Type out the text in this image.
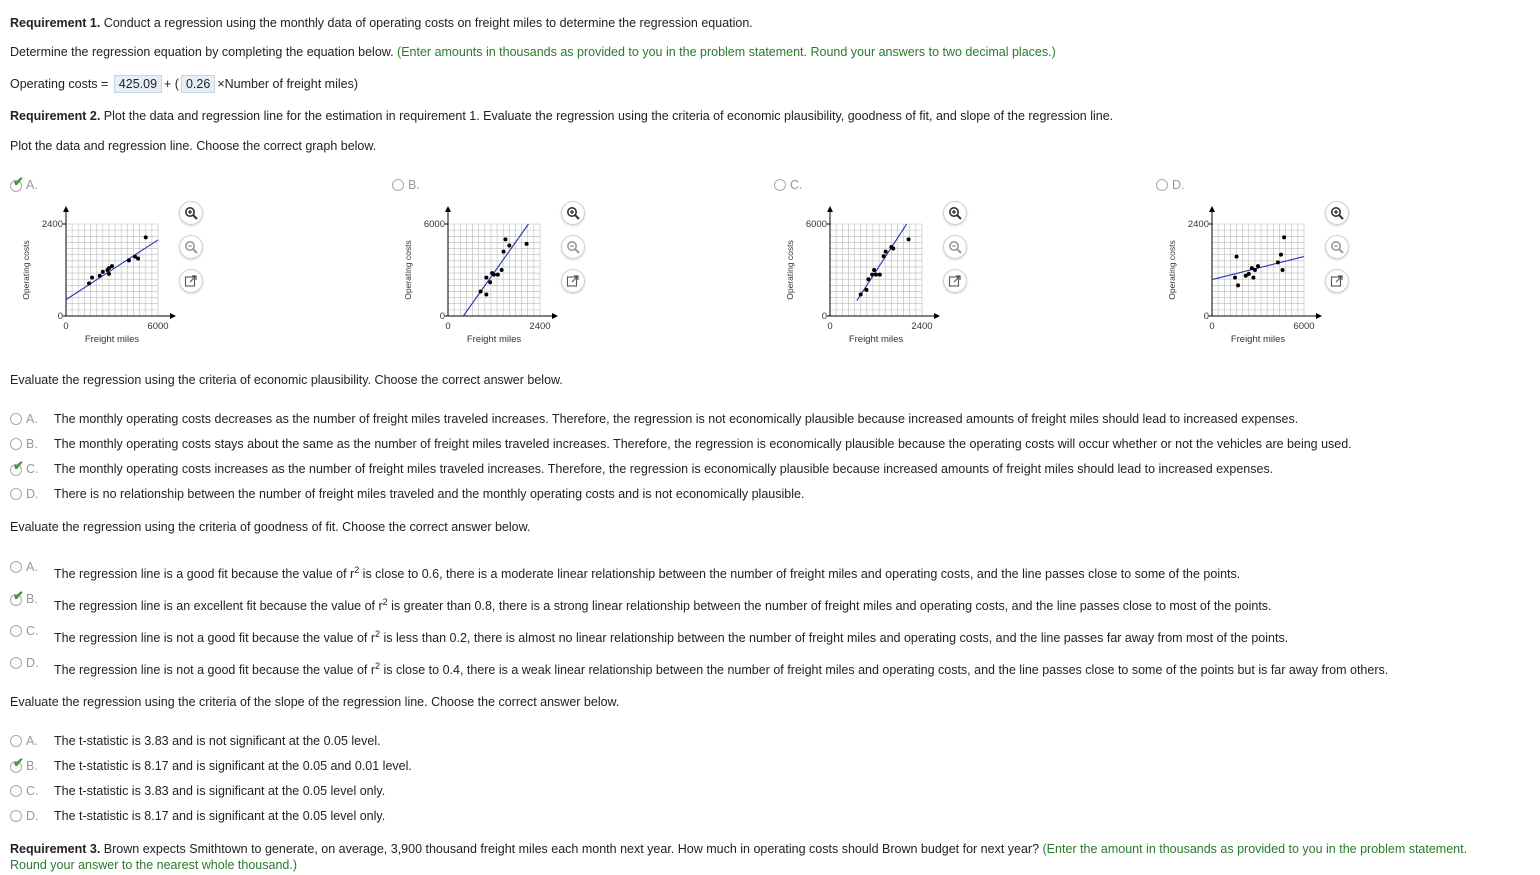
Requirement 1. Conduct a regression using the monthly data of operating costs on freight miles to determine the regression equation.
Determine the regression equation by completing the equation below. (Enter amounts in thousands as provided to you in the problem statement. Round your answers to two decimal places.)
Operating costs = 425.09 + ( 0.26 ×Number of freight miles)
Requirement 2. Plot the data and regression line for the estimation in requirement 1. Evaluate the regression using the criteria of economic plausibility, goodness of fit, and slope of the regression line.
Plot the data and regression line. Choose the correct graph below.
✔ A.
2400
0
0	6000
Freight miles
Operating costs
B.
6000
0
0	2400
Freight miles
Operating costs
C.
6000
0
0	2400
Freight miles
Operating costs
D.
2400
0
0	6000
Freight miles
Operating costs
Evaluate the regression using the criteria of economic plausibility. Choose the correct answer below.
A. The monthly operating costs decreases as the number of freight miles traveled increases. Therefore, the regression is not economically plausible because increased amounts of freight miles should lead to increased expenses.
B. The monthly operating costs stays about the same as the number of freight miles traveled increases. Therefore, the regression is economically plausible because the operating costs will occur whether or not the vehicles are being used.
✔ C. The monthly operating costs increases as the number of freight miles traveled increases. Therefore, the regression is economically plausible because increased amounts of freight miles should lead to increased expenses.
D. There is no relationship between the number of freight miles traveled and the monthly operating costs and is not economically plausible.
Evaluate the regression using the criteria of goodness of fit. Choose the correct answer below.
A.
The regression line is a good fit because the value of $r^2$ is close to 0.6, there is a moderate linear relationship between the number of freight miles and operating costs, and the line passes close to some of the points.
✔ B.
The regression line is an excellent fit because the value of $r^2$ is greater than 0.8, there is a strong linear relationship between the number of freight miles and operating costs, and the line passes close to most of the points.
C.
The regression line is not a good fit because the value of $r^2$ is less than 0.2, there is almost no linear relationship between the number of freight miles and operating costs, and the line passes far away from most of the points.
D.
The regression line is not a good fit because the value of $r^2$ is close to 0.4, there is a weak linear relationship between the number of freight miles and operating costs, and the line passes close to some of the points but is far away from others.
Evaluate the regression using the criteria of the slope of the regression line. Choose the correct answer below.
A. The t-statistic is 3.83 and is not significant at the 0.05 level.
✔ B. The t-statistic is 8.17 and is significant at the 0.05 and 0.01 level.
C. The t-statistic is 3.83 and is significant at the 0.05 level only.
D. The t-statistic is 8.17 and is significant at the 0.05 level only.
Requirement 3. Brown expects Smithtown to generate, on average, 3,900 thousand freight miles each month next year. How much in operating costs should Brown budget for next year? (Enter the amount in thousands as provided to you in the problem statement.
Round your answer to the nearest whole thousand.)
